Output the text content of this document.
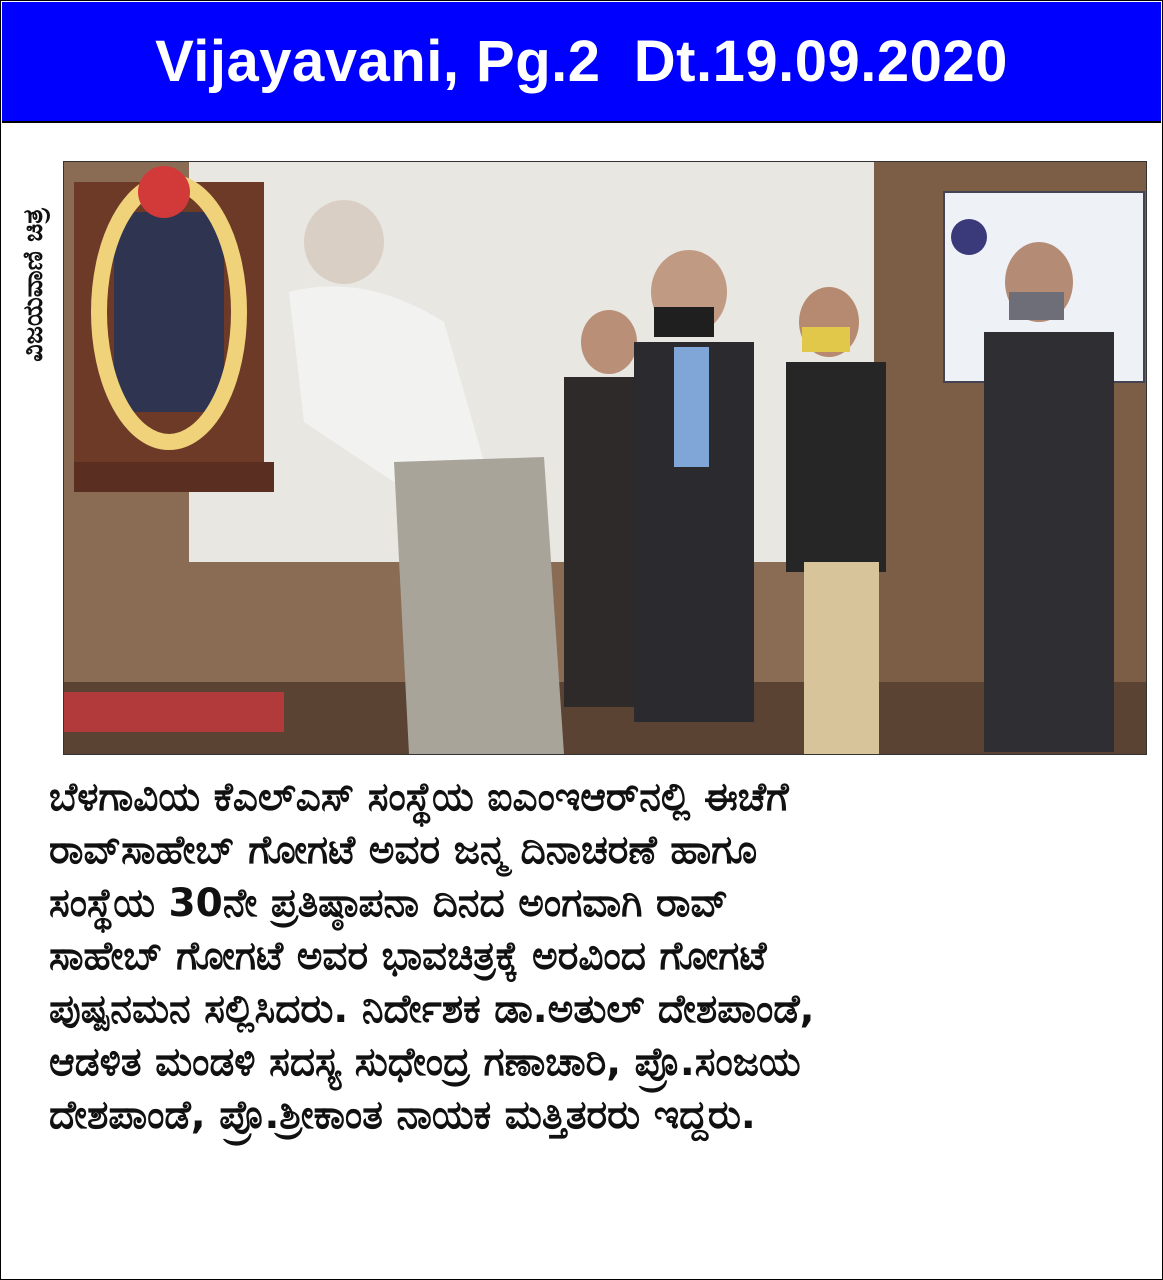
Vijayavani, Pg.2  Dt.19.09.2020
ವಿಜಯವಾಣಿ ಚಿತ್ರ
ಬೆಳಗಾವಿಯ ಕೆಎಲ್‌ಎಸ್ ಸಂಸ್ಥೆಯ ಐಎಂಇಆರ್‌ನಲ್ಲಿ ಈಚೆಗೆ
ರಾವ್‌ಸಾಹೇಬ್ ಗೋಗಟೆ ಅವರ ಜನ್ಮ ದಿನಾಚರಣೆ ಹಾಗೂ
ಸಂಸ್ಥೆಯ 30ನೇ ಪ್ರತಿಷ್ಠಾಪನಾ ದಿನದ ಅಂಗವಾಗಿ ರಾವ್
ಸಾಹೇಬ್ ಗೋಗಟೆ ಅವರ ಭಾವಚಿತ್ರಕ್ಕೆ ಅರವಿಂದ ಗೋಗಟೆ
ಪುಷ್ಪನಮನ ಸಲ್ಲಿಸಿದರು. ನಿರ್ದೇಶಕ ಡಾ.ಅತುಲ್ ದೇಶಪಾಂಡೆ,
ಆಡಳಿತ ಮಂಡಳಿ ಸದಸ್ಯ ಸುಧೇಂದ್ರ ಗಣಾಚಾರಿ, ಪ್ರೊ.ಸಂಜಯ
ದೇಶಪಾಂಡೆ, ಪ್ರೊ.ಶ್ರೀಕಾಂತ ನಾಯಕ ಮತ್ತಿತರರು ಇದ್ದರು.
